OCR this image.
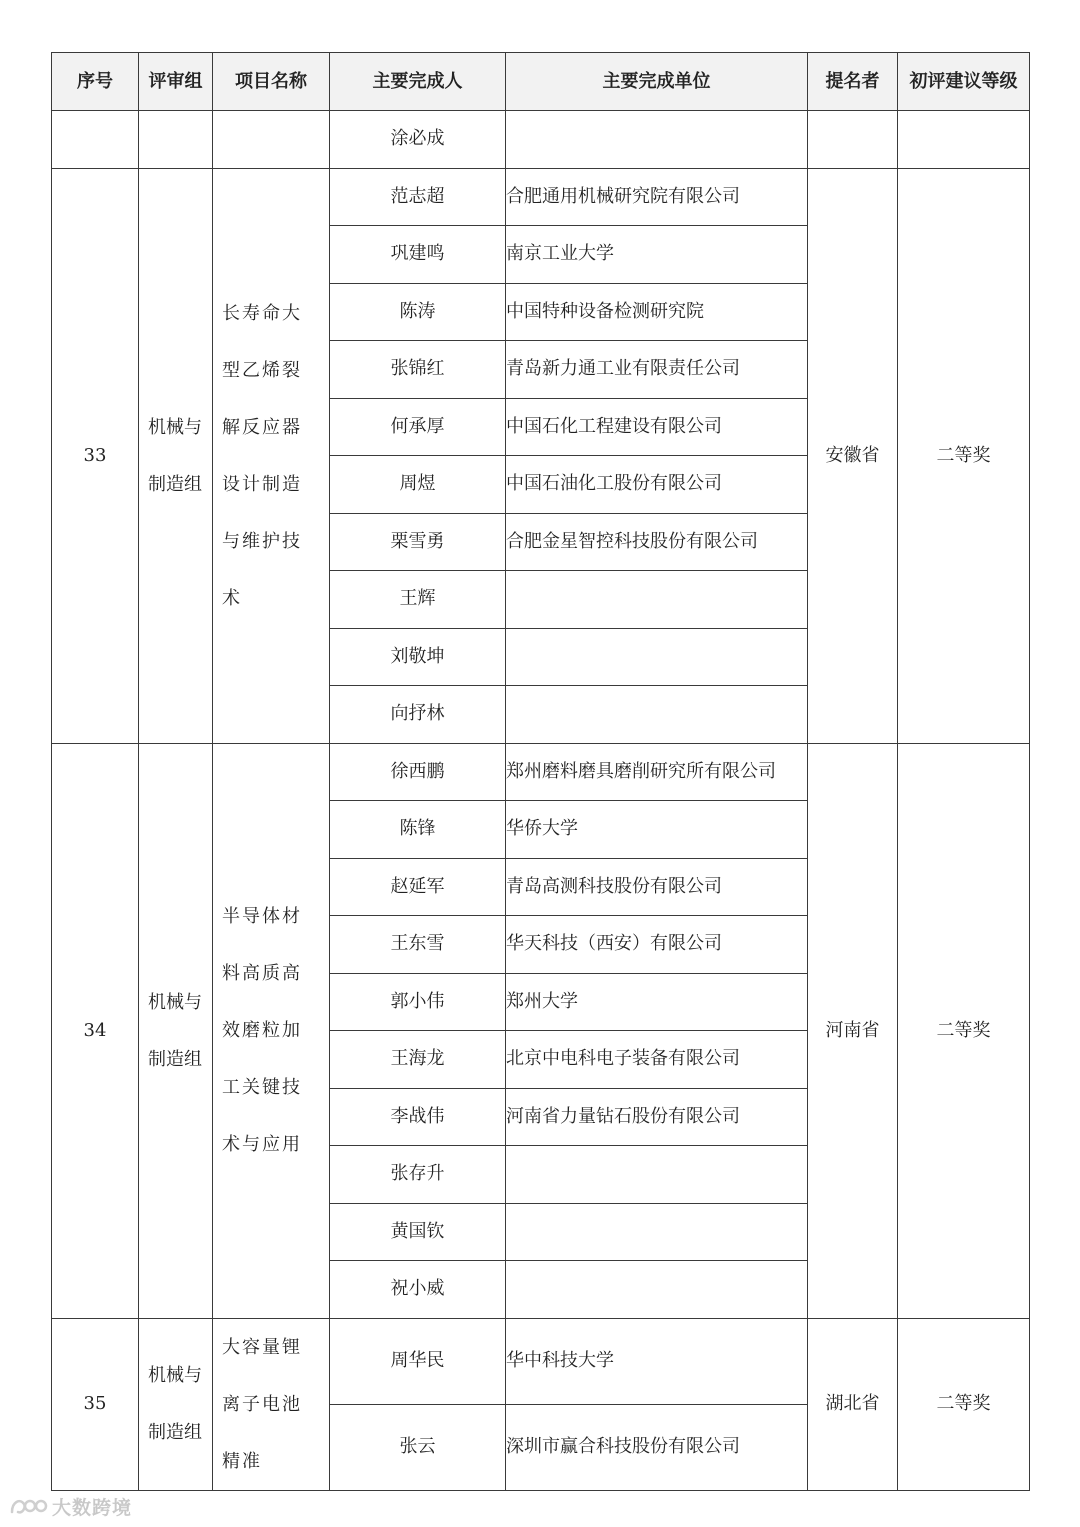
序号	评审组	项目名称	主要完成人	主要完成单位	提名者	初评建议等级
			涂必成			
33	机械与制造组	长寿命大型乙烯裂解反应器设计制造与维护技术	范志超	合肥通用机械研究院有限公司	安徽省	二等奖
			巩建鸣	南京工业大学		
			陈涛	中国特种设备检测研究院		
			张锦红	青岛新力通工业有限责任公司		
			何承厚	中国石化工程建设有限公司		
			周煜	中国石油化工股份有限公司		
			栗雪勇	合肥金星智控科技股份有限公司		
			王辉			
			刘敬坤			
			向抒林			
34	机械与制造组	半导体材料高质高效磨粒加工关键技术与应用	徐西鹏	郑州磨料磨具磨削研究所有限公司	河南省	二等奖
			陈锋	华侨大学		
			赵延军	青岛高测科技股份有限公司		
			王东雪	华天科技（西安）有限公司		
			郭小伟	郑州大学		
			王海龙	北京中电科电子装备有限公司		
			李战伟	河南省力量钻石股份有限公司		
			张存升			
			黄国钦			
			祝小威			
35	机械与制造组	大容量锂离子电池精准	周华民	华中科技大学	湖北省	二等奖
			张云	深圳市赢合科技股份有限公司		
大数跨境
